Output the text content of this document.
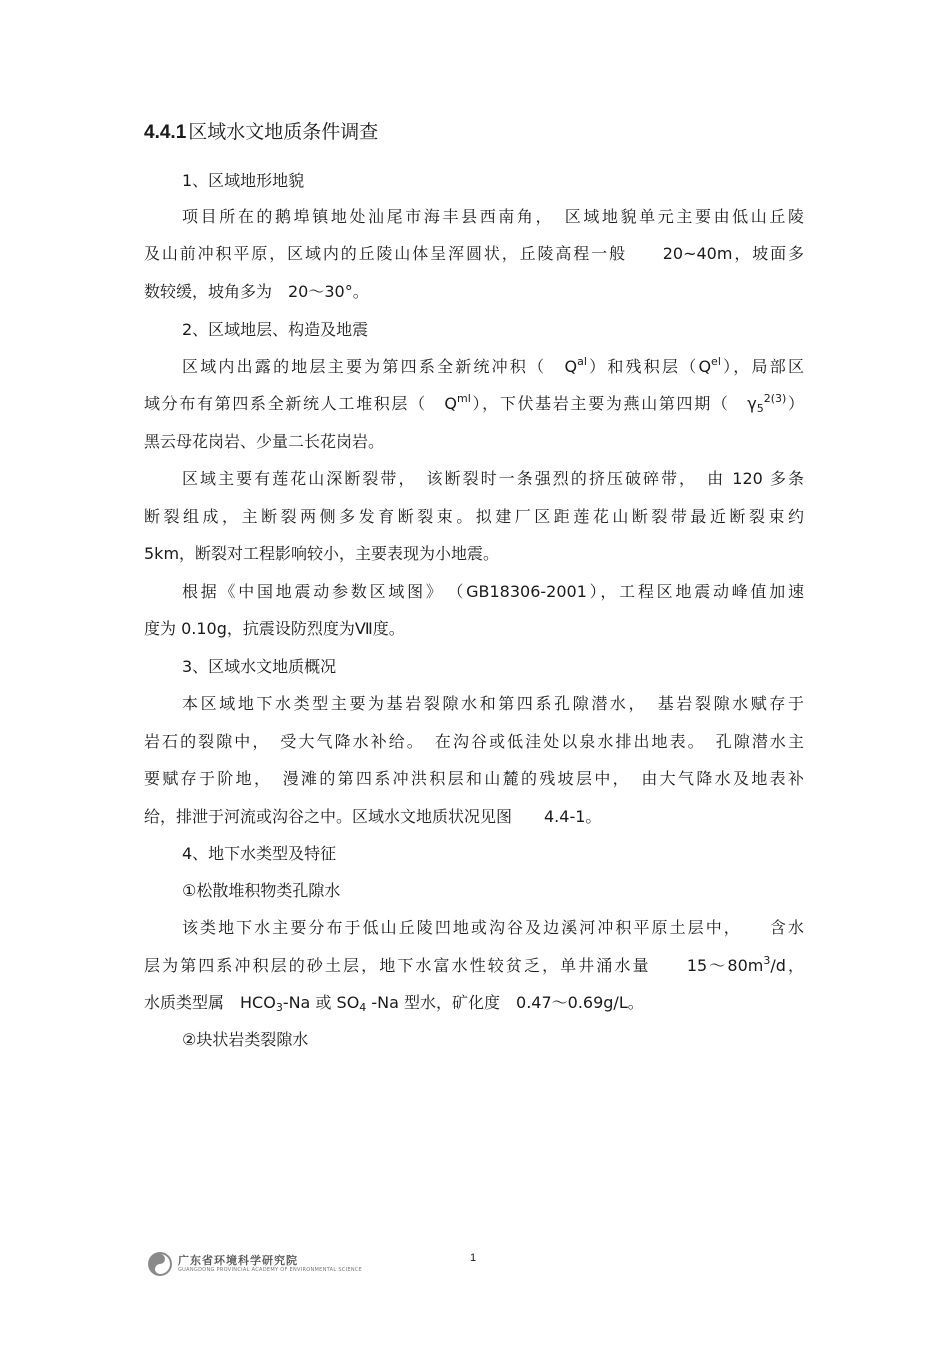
4.4.1 区域水文地质条件调查
1、区域地形地貌
项目所在的鹅埠镇地处汕尾市海丰县西南角，　区域地貌单元主要由低山丘陵
及山前冲积平原，区域内的丘陵山体呈浑圆状，丘陵高程一般　　20~40m，坡面多
数较缓，坡角多为　20～30°。
2、区域地层、构造及地震
区域内出露的地层主要为第四系全新统冲积（　$Q^{al}$）和残积层$(Q^{el})$，局部区
域分布有第四系全新统人工堆积层（　$Q^{ml}$），下伏基岩主要为燕山第四期（　$\gamma_5^{2(3)}$）
黑云母花岗岩、少量二长花岗岩。
区域主要有莲花山深断裂带，　该断裂时一条强烈的挤压破碎带，　由 120 多条
断裂组成，主断裂两侧多发育断裂束。拟建厂区距莲花山断裂带最近断裂束约
5km，断裂对工程影响较小，主要表现为小地震。
根据《中国地震动参数区域图》　（GB18306-2001），工程区地震动峰值加速
度为 0.10g，抗震设防烈度为Ⅶ度。
3、区域水文地质概况
本区域地下水类型主要为基岩裂隙水和第四系孔隙潜水，　基岩裂隙水赋存于
岩石的裂隙中，　受大气降水补给。　在沟谷或低洼处以泉水排出地表。　孔隙潜水主
要赋存于阶地，　漫滩的第四系冲洪积层和山麓的残坡层中，　由大气降水及地表补
给，排泄于河流或沟谷之中。区域水文地质状况见图　　4.4-1。
4、地下水类型及特征
①松散堆积物类孔隙水
该类地下水主要分布于低山丘陵凹地或沟谷及边溪河冲积平原土层中，　　含水
层为第四系冲积层的砂土层，地下水富水性较贫乏，单井涌水量　　$15\sim 80m^3/d$，
水质类型属　$HCO_3-Na$ 或 $SO_4$ -Na 型水，矿化度　0.47～0.69g/L。
②块状岩类裂隙水
广东省环境科学研究院
GUANGDONG PROVINCIAL ACADEMY OF ENVIRONMENTAL SCIENCE
1
